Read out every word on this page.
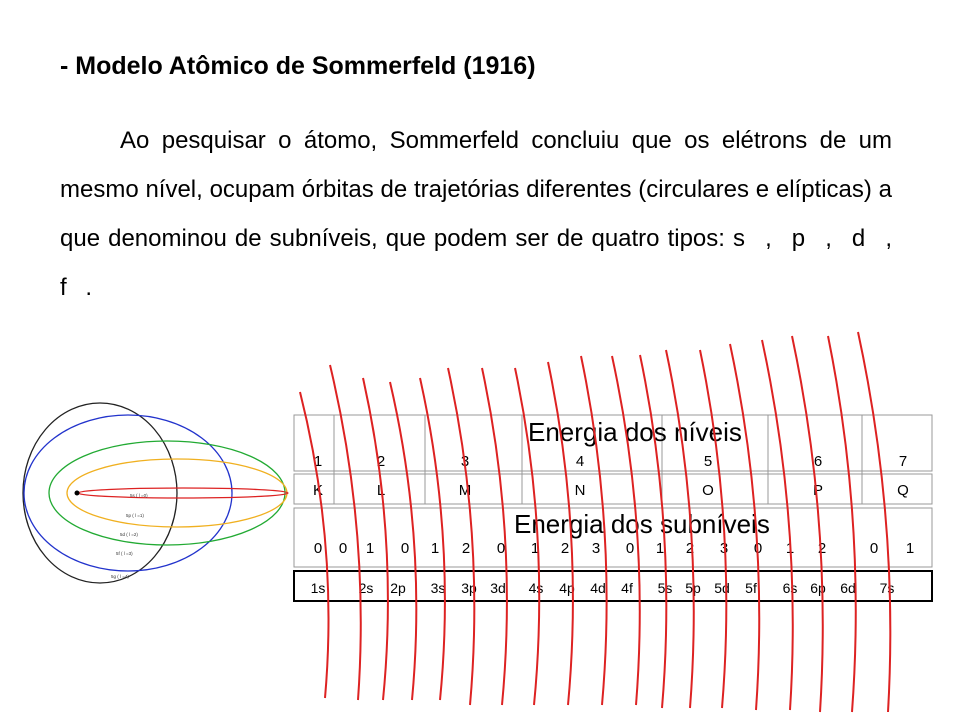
- Modelo Atômico de Sommerfeld (1916)

Ao pesquisar o átomo, Sommerfeld concluiu que os elétrons de um mesmo nível, ocupam órbitas de trajetórias diferentes (circulares e elípticas) a que denominou de subníveis, que podem ser de quatro tipos: s , p , d , f .

5s ( l =0)
5p ( l =1)
5d ( l =2)
5f ( l =3)
5g ( l =4)
Energia dos níveis
Energia dos subníveis
1	2	3	4	5	6	7
K	L	M	N	O	P	Q
0 0 1 0 1 2 0 1 2 3 0 1 2 3 0 1 2	0 1
1s 2s 2p 3s 3p 3d 4s 4p 4d 4f 5s 5p 5d 5f 6s 6p 6d 7s
